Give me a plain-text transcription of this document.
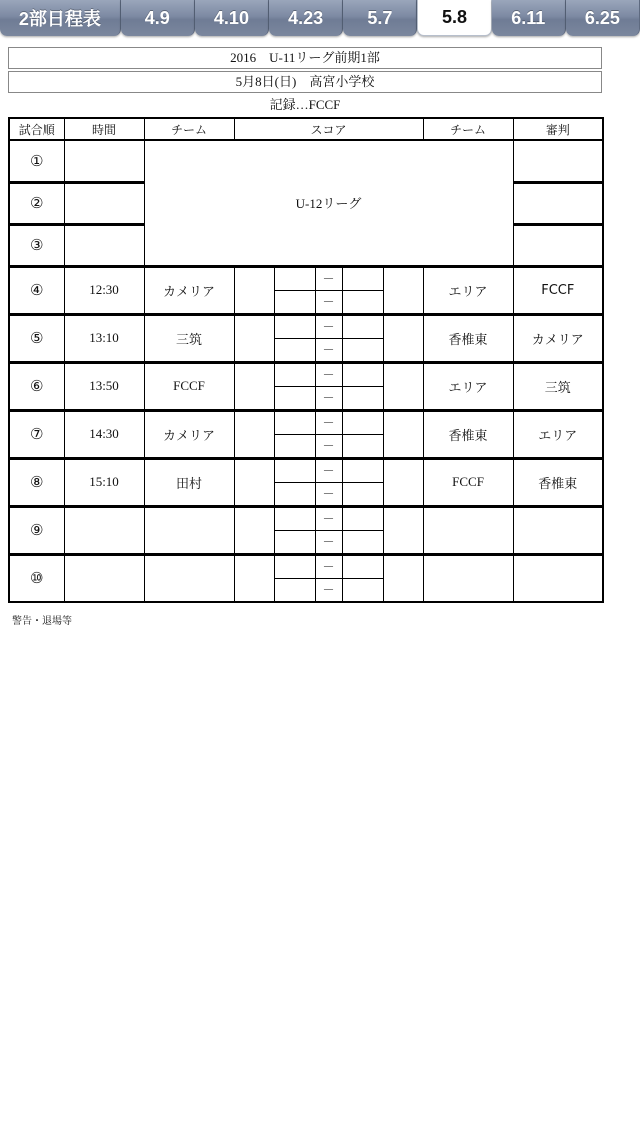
2部日程表	4.9	4.10	4.23	5.7	5.8	6.11	6.25
2016　U-11リーグ前期1部
5月8日(日)　高宮小学校
記録…FCCF
試合順	時間	チーム	スコア					チーム	審判
①		U-12リーグ							
②									
③									
④	12:30	カメリア			－			エリア	FCCF
					－				
⑤	13:10	三筑			－			香椎東	カメリア
					－				
⑥	13:50	FCCF			－			エリア	三筑
					－				
⑦	14:30	カメリア			－			香椎東	エリア
					－				
⑧	15:10	田村			－			FCCF	香椎東
					－				
⑨					－				
					－				
⑩					－				
					－				
警告・退場等
